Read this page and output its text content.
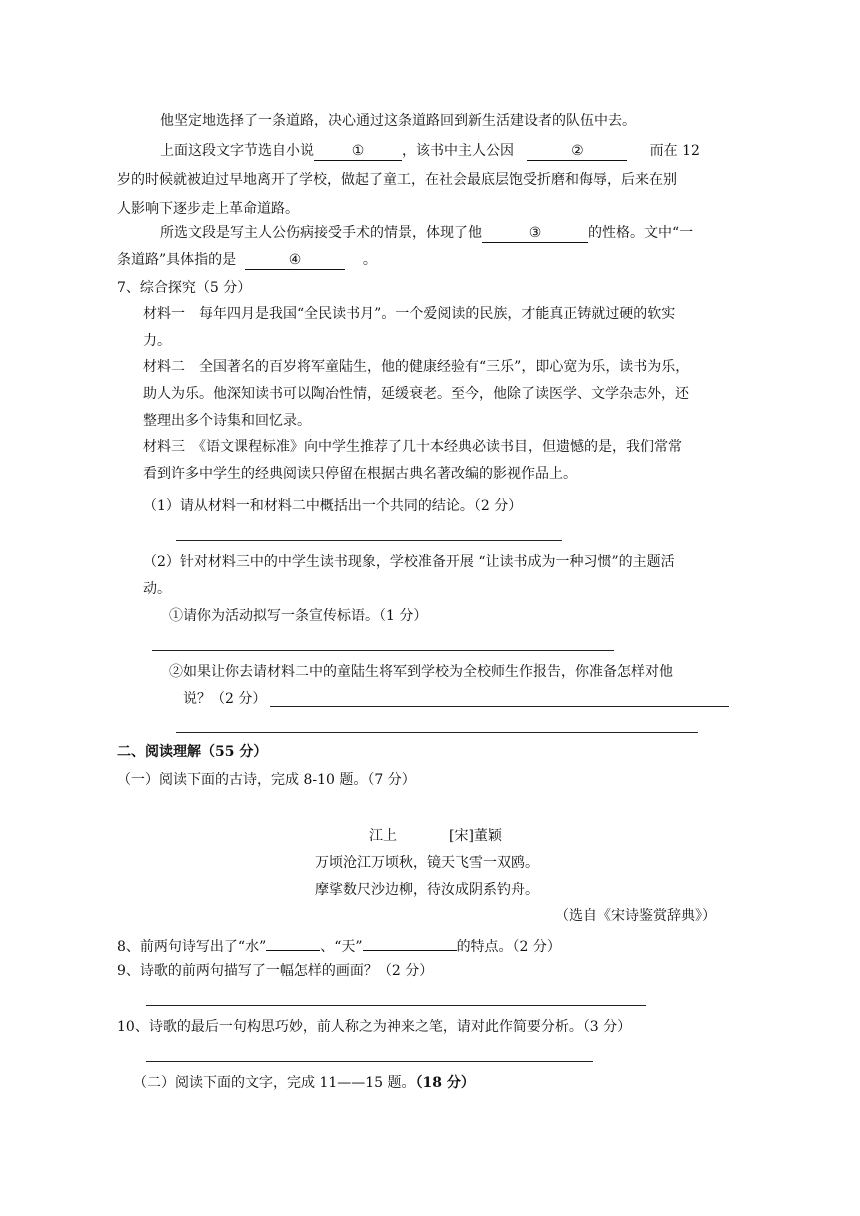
他坚定地选择了一条道路，决心通过这条道路回到新生活建设者的队伍中去。
上面这段文字节选自小说	①	，该书中主人公因	②	而在 12
岁的时候就被迫过早地离开了学校，做起了童工，在社会最底层饱受折磨和侮辱，后来在别
人影响下逐步走上革命道路。
所选文段是写主人公伤病接受手术的情景，体现了他	③	的性格。文中“一
条道路”具体指的是	④	。
7、综合探究（5 分）
材料一　每年四月是我国“全民读书月”。一个爱阅读的民族，才能真正铸就过硬的软实
力。
材料二　全国著名的百岁将军童陆生，他的健康经验有“三乐”，即心宽为乐，读书为乐，
助人为乐。他深知读书可以陶冶性情，延缓衰老。至今，他除了读医学、文学杂志外，还
整理出多个诗集和回忆录。
材料三　《语文课程标准》向中学生推荐了几十本经典必读书目，但遗憾的是，我们常常
看到许多中学生的经典阅读只停留在根据古典名著改编的影视作品上。
（1）请从材料一和材料二中概括出一个共同的结论。（2 分）
（2）针对材料三中的中学生读书现象，学校准备开展 “让读书成为一种习惯”的主题活
动。
①请你为活动拟写一条宣传标语。（1 分）
②如果让你去请材料二中的童陆生将军到学校为全校师生作报告，你准备怎样对他
说？（2 分）
二、阅读理解（55 分）
（一）阅读下面的古诗，完成 8-10 题。（7 分）
江上	[宋]董颖
万顷沧江万顷秋，镜天飞雪一双鸥。
摩挲数尺沙边柳，待汝成阴系钓舟。
（选自《宋诗鉴赏辞典》）
8、前两句诗写出了“水”	、“天”	的特点。（2 分）
9、诗歌的前两句描写了一幅怎样的画面？（2 分）
10、诗歌的最后一句构思巧妙，前人称之为神来之笔，请对此作简要分析。（3 分）
（二）阅读下面的文字，完成 11——15 题。（18 分）
